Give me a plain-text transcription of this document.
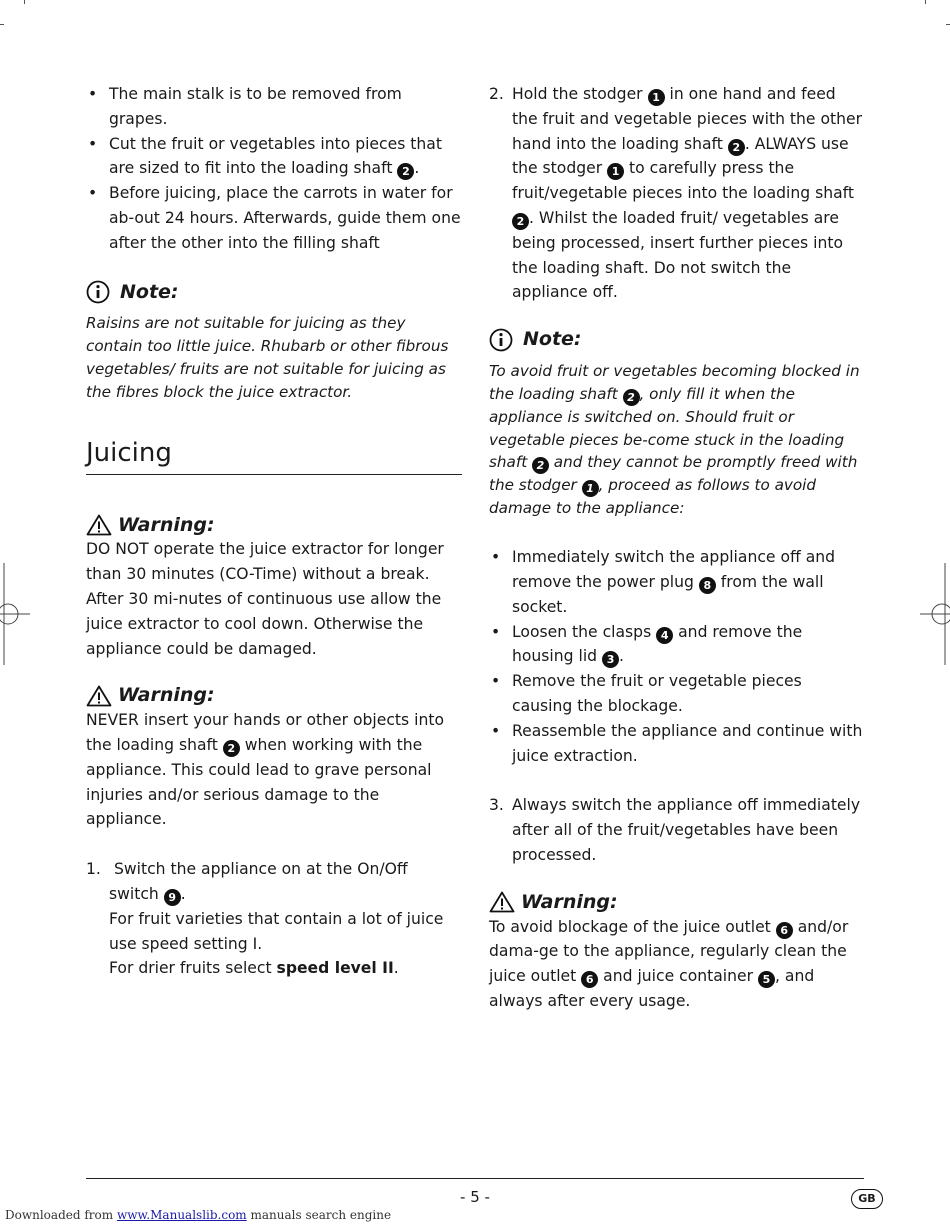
• The main stalk is to be removed from grapes.
• Cut the fruit or vegetables into pieces that are sized to fit into the loading shaft 2 .
• Before juicing, place the carrots in water for ab-out 24 hours. Afterwards, guide them one after the other into the filling shaft
Note:
Raisins are not suitable for juicing as they contain too little juice. Rhubarb or other fibrous vegetables/ fruits are not suitable for juicing as the fibres block the juice extractor.
Juicing
Warning:
DO NOT operate the juice extractor for longer than 30 minutes (CO-Time) without a break. After 30 mi-nutes of continuous use allow the juice extractor to cool down. Otherwise the appliance could be damaged.
Warning:
NEVER insert your hands or other objects into the loading shaft 2 when working with the appliance. This could lead to grave personal injuries and/or serious damage to the appliance.
1. Switch the appliance on at the On/Off switch 9 .
For fruit varieties that contain a lot of juice use speed setting I.
For drier fruits select speed level II.
2. Hold the stodger 1 in one hand and feed the fruit and vegetable pieces with the other hand into the loading shaft 2 . ALWAYS use the stodger 1 to carefully press the fruit/vegetable pieces into the loading shaft 2 . Whilst the loaded fruit/ vegetables are being processed, insert further pieces into the loading shaft. Do not switch the appliance off.
Note:
To avoid fruit or vegetables becoming blocked in the loading shaft 2 , only fill it when the appliance is switched on. Should fruit or vegetable pieces be-come stuck in the loading shaft 2 and they cannot be promptly freed with the stodger 1 , proceed as follows to avoid damage to the appliance:
• Immediately switch the appliance off and remove the power plug 8 from the wall socket.
• Loosen the clasps 4 and remove the housing lid 3 .
• Remove the fruit or vegetable pieces causing the blockage.
• Reassemble the appliance and continue with juice extraction.
3. Always switch the appliance off immediately after all of the fruit/vegetables have been processed.
Warning:
To avoid blockage of the juice outlet 6 and/or dama-ge to the appliance, regularly clean the juice outlet 6 and juice container 5 , and always after every usage.
- 5 -	GB
Downloaded from www.Manualslib.com manuals search engine
